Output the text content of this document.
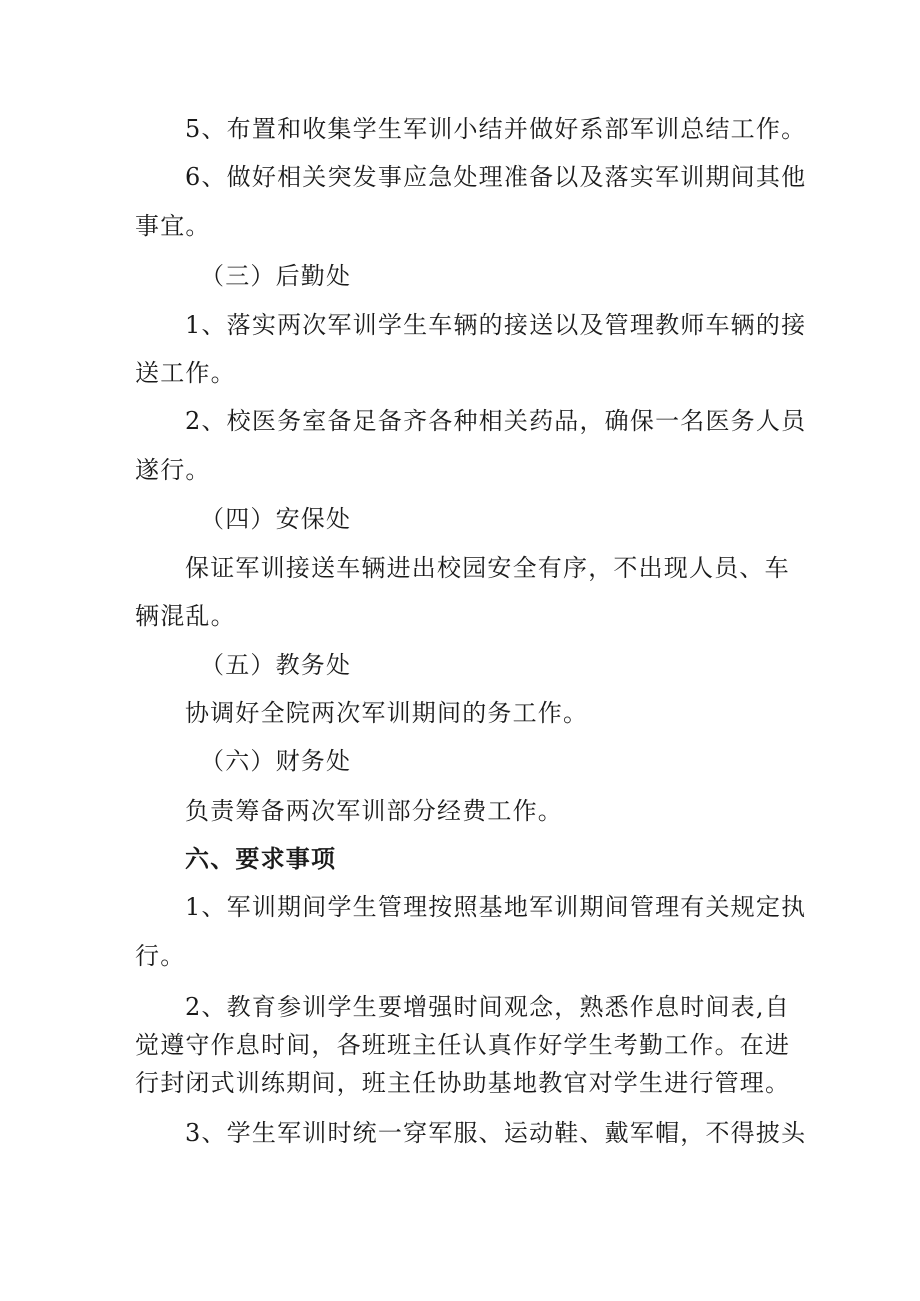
5、布置和收集学生军训小结并做好系部军训总结工作。
6、做好相关突发事应急处理准备以及落实军训期间其他
事宜。
（三）后勤处
1、落实两次军训学生车辆的接送以及管理教师车辆的接
送工作。
2、校医务室备足备齐各种相关药品，确保一名医务人员
遂行。
（四）安保处
保证军训接送车辆进出校园安全有序，不出现人员、车
辆混乱。
（五）教务处
协调好全院两次军训期间的务工作。
（六）财务处
负责筹备两次军训部分经费工作。
六、要求事项
1、军训期间学生管理按照基地军训期间管理有关规定执
行。
2、教育参训学生要增强时间观念，熟悉作息时间表,自
觉遵守作息时间，各班班主任认真作好学生考勤工作。在进
行封闭式训练期间，班主任协助基地教官对学生进行管理。
3、学生军训时统一穿军服、运动鞋、戴军帽，不得披头
